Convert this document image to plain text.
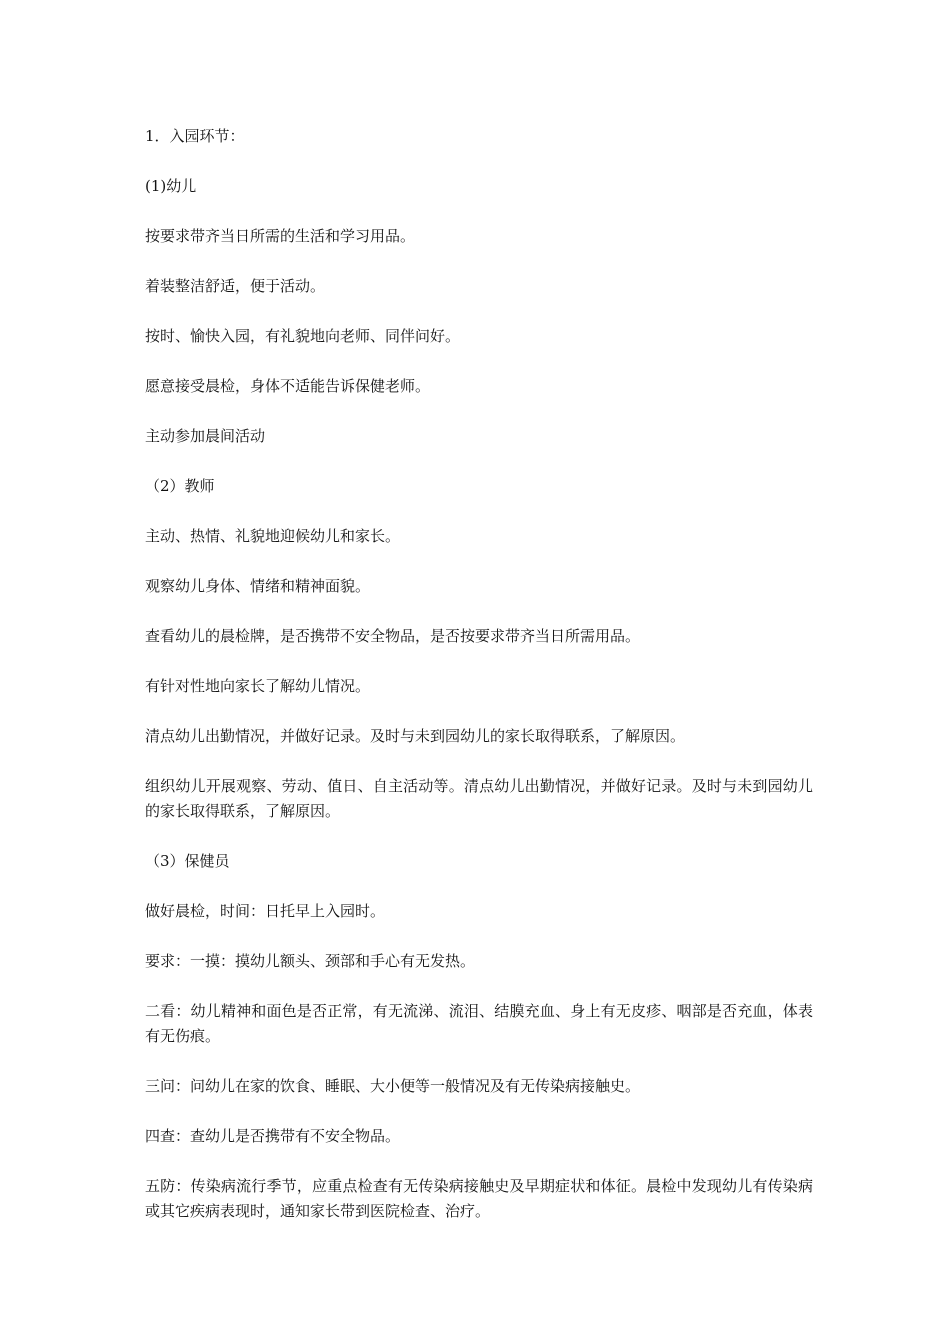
1．入园环节：

(1)幼儿

按要求带齐当日所需的生活和学习用品。

着装整洁舒适，便于活动。

按时、愉快入园，有礼貌地向老师、同伴问好。

愿意接受晨检，身体不适能告诉保健老师。

主动参加晨间活动

（2）教师

主动、热情、礼貌地迎候幼儿和家长。

观察幼儿身体、情绪和精神面貌。

查看幼儿的晨检牌，是否携带不安全物品，是否按要求带齐当日所需用品。

有针对性地向家长了解幼儿情况。

清点幼儿出勤情况，并做好记录。及时与未到园幼儿的家长取得联系，了解原因。

组织幼儿开展观察、劳动、值日、自主活动等。清点幼儿出勤情况，并做好记录。及时与未到园幼儿的家长取得联系，了解原因。

（3）保健员

做好晨检，时间：日托早上入园时。

要求：一摸：摸幼儿额头、颈部和手心有无发热。

二看：幼儿精神和面色是否正常，有无流涕、流泪、结膜充血、身上有无皮疹、咽部是否充血，体表有无伤痕。

三问：问幼儿在家的饮食、睡眠、大小便等一般情况及有无传染病接触史。

四查：查幼儿是否携带有不安全物品。

五防：传染病流行季节，应重点检查有无传染病接触史及早期症状和体征。晨检中发现幼儿有传染病或其它疾病表现时，通知家长带到医院检查、治疗。
